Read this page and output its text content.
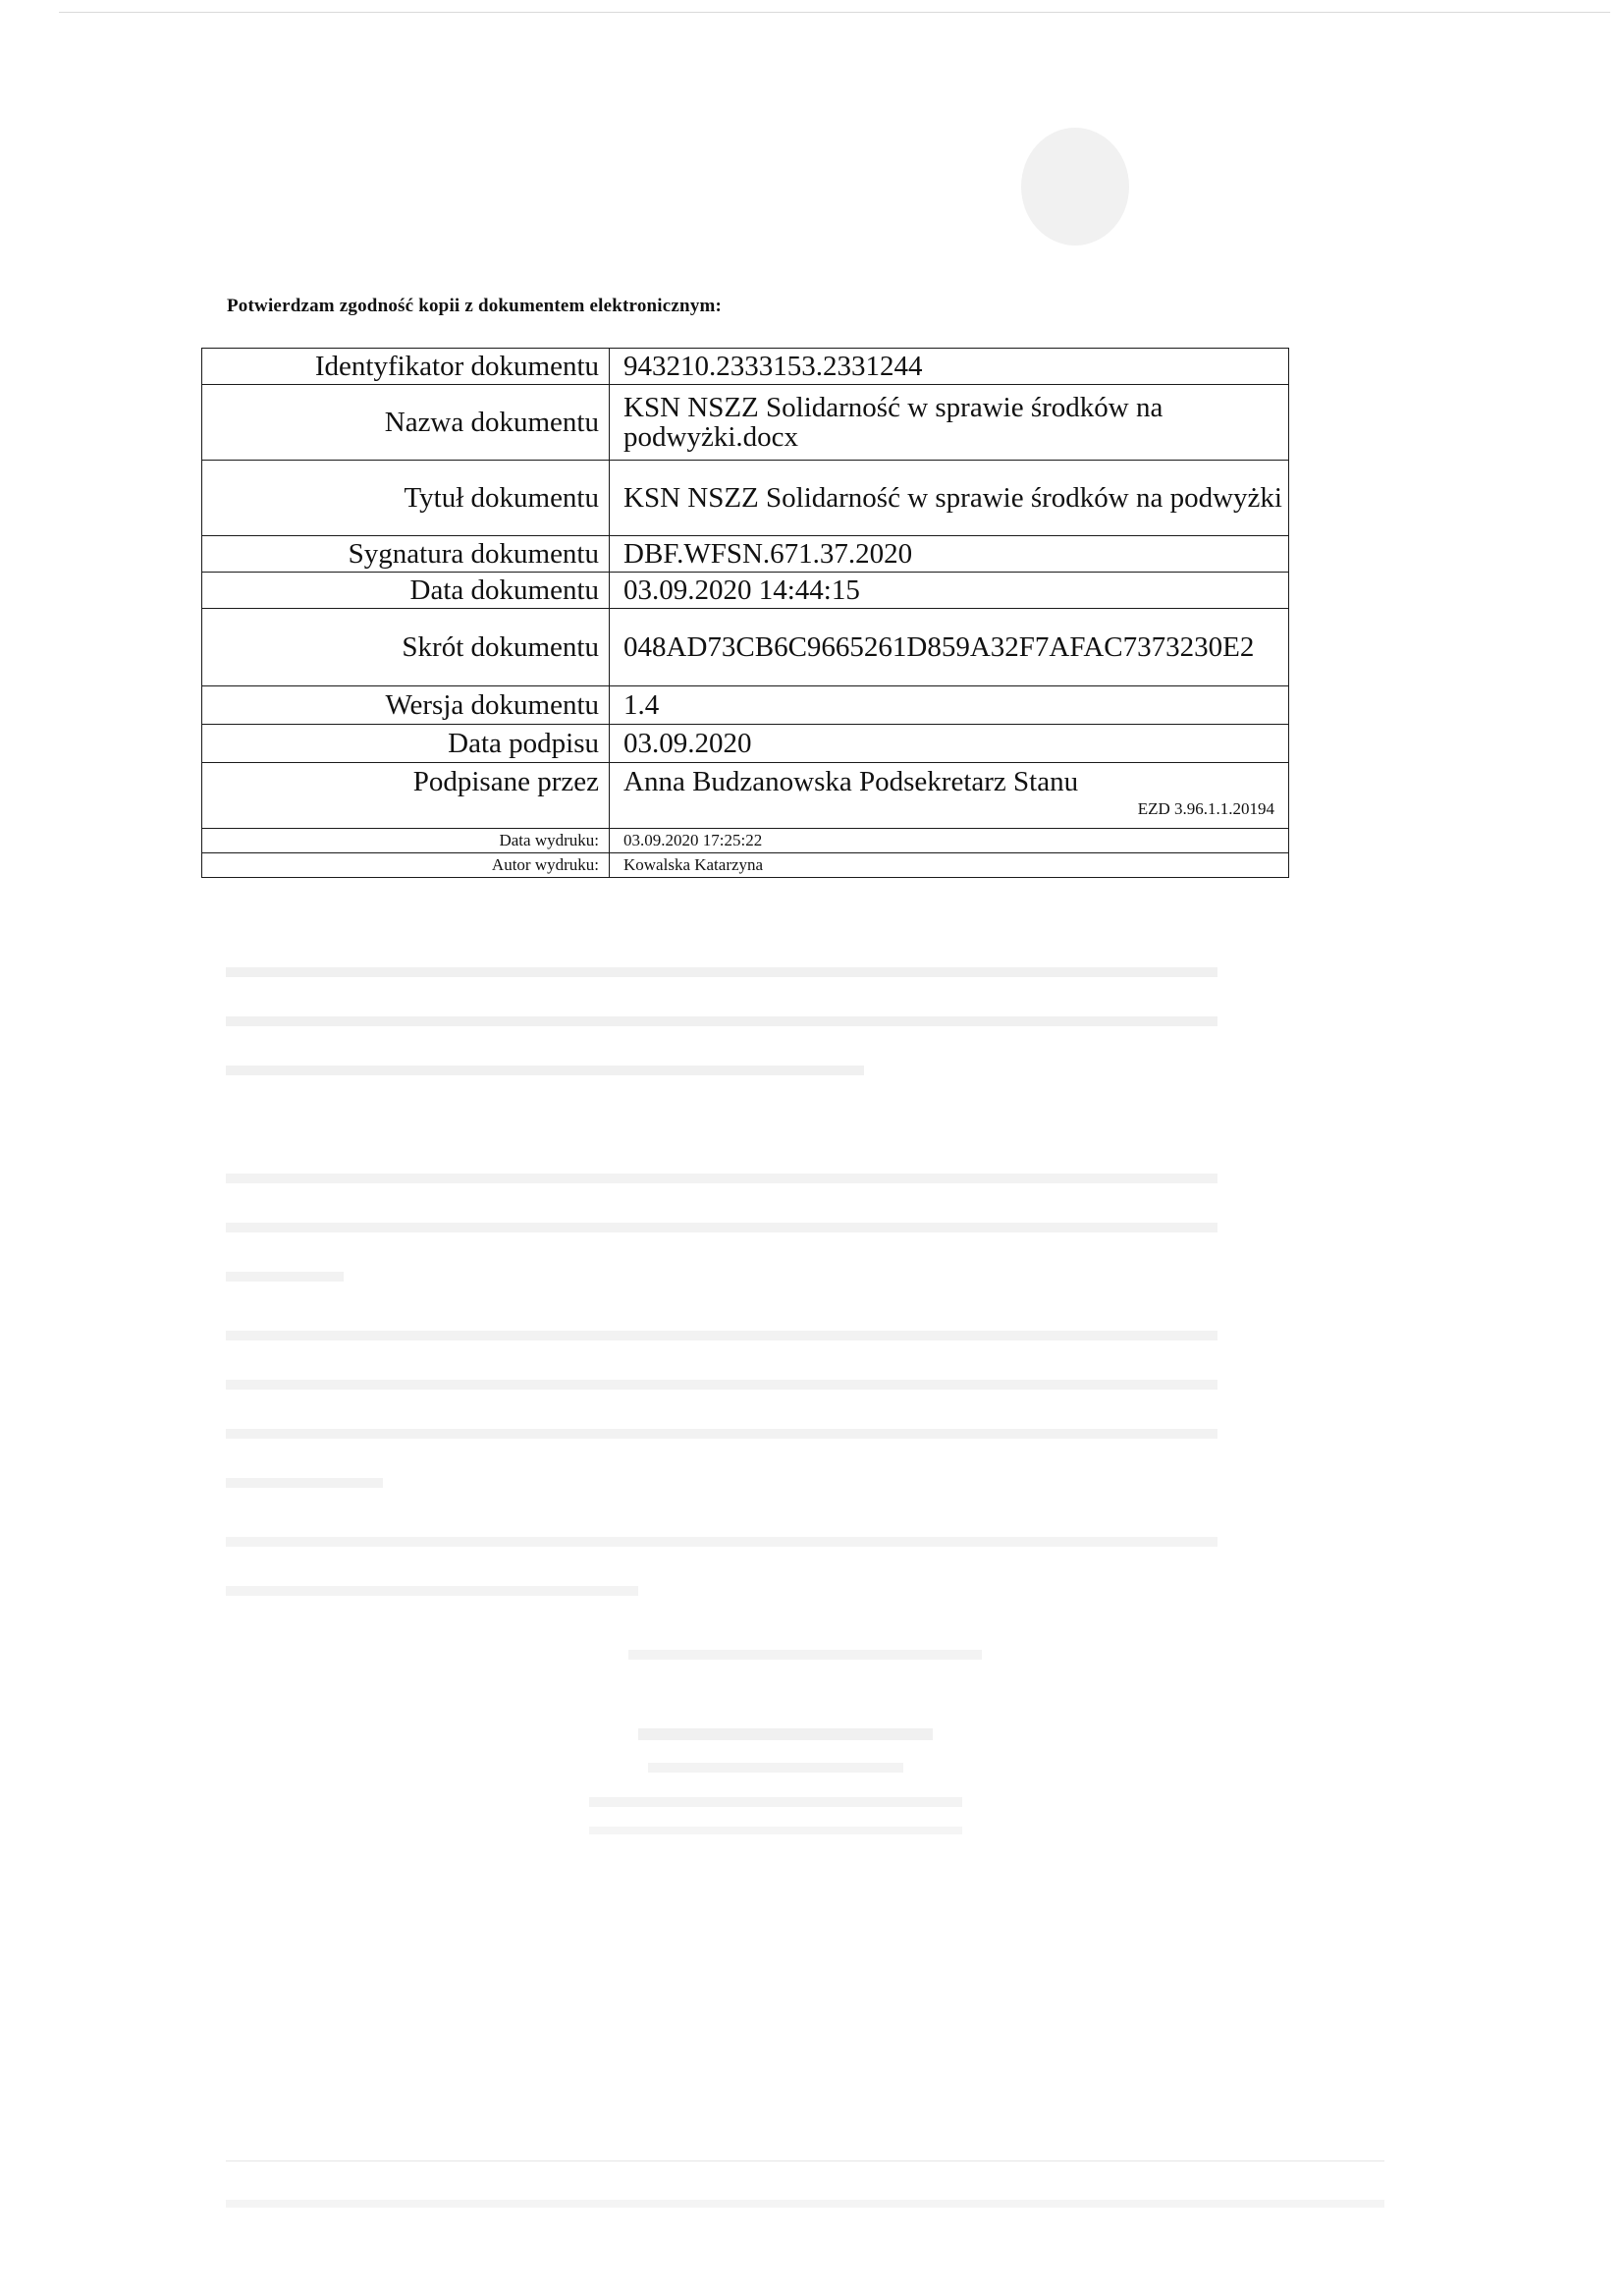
Potwierdzam zgodność kopii z dokumentem elektronicznym:
Identyfikator dokumentu	943210.2333153.2331244
Nazwa dokumentu	KSN NSZZ Solidarność w sprawie środków na podwyżki.docx
Tytuł dokumentu	KSN NSZZ Solidarność w sprawie środków na podwyżki
Sygnatura dokumentu	DBF.WFSN.671.37.2020
Data dokumentu	03.09.2020 14:44:15
Skrót dokumentu	048AD73CB6C9665261D859A32F7AFAC7373230E2
Wersja dokumentu	1.4
Data podpisu	03.09.2020
Podpisane przez	Anna Budzanowska Podsekretarz Stanu
	EZD 3.96.1.1.20194
Data wydruku:	03.09.2020 17:25:22
Autor wydruku:	Kowalska Katarzyna
